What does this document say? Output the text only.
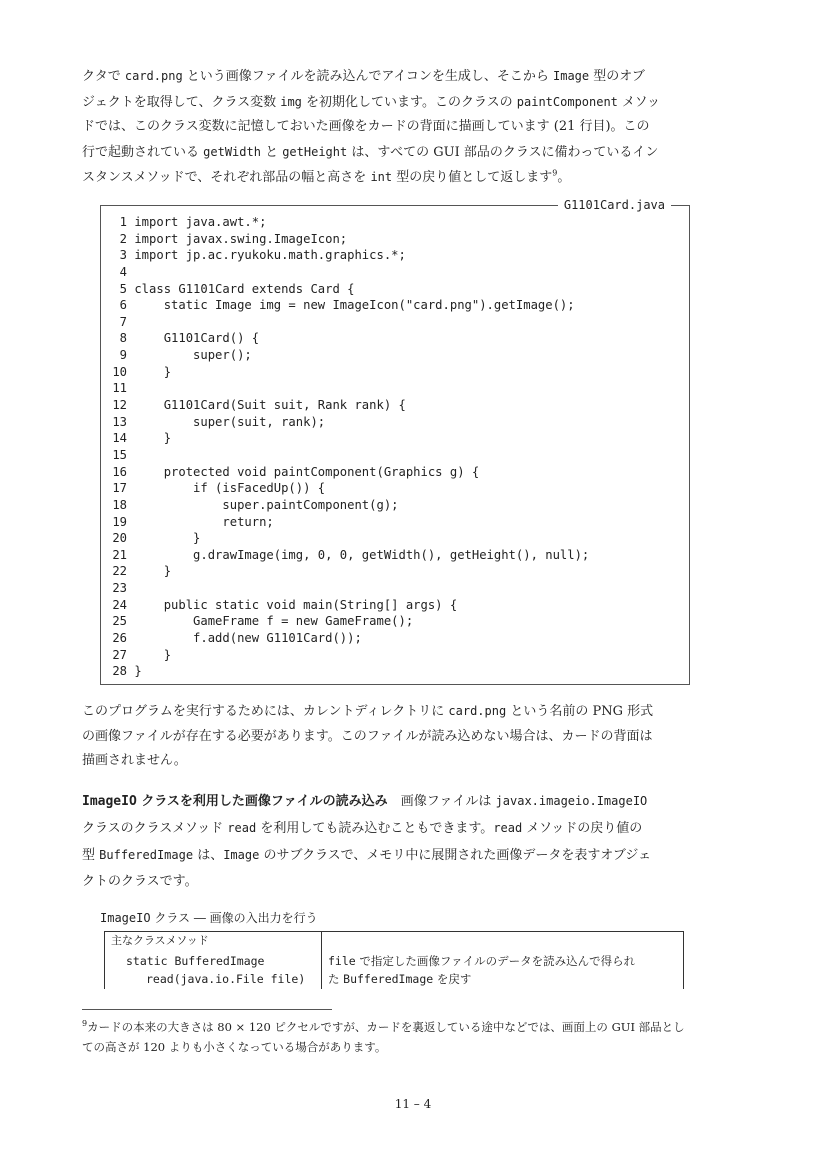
クタで card.png という画像ファイルを読み込んでアイコンを生成し、そこから Image 型のオブ

ジェクトを取得して、クラス変数 img を初期化しています。このクラスの paintComponent メソッ

ドでは、このクラス変数に記憶しておいた画像をカードの背面に描画しています (21 行目)。この

行で起動されている getWidth と getHeight は、すべての GUI 部品のクラスに備わっているイン

スタンスメソッドで、それぞれ部品の幅と高さを int 型の戻り値として返します$^9$。

G1101Card.java
1 import java.awt.*;
2 import javax.swing.ImageIcon;
3 import jp.ac.ryukoku.math.graphics.*;
4
5 class G1101Card extends Card {
6     static Image img = new ImageIcon("card.png").getImage();
7
8     G1101Card() {
9         super();
10     }
11
12     G1101Card(Suit suit, Rank rank) {
13         super(suit, rank);
14     }
15
16     protected void paintComponent(Graphics g) {
17         if (isFacedUp()) {
18             super.paintComponent(g);
19             return;
20         }
21         g.drawImage(img, 0, 0, getWidth(), getHeight(), null);
22     }
23
24     public static void main(String[] args) {
25         GameFrame f = new GameFrame();
26         f.add(new G1101Card());
27     }
28 }

このプログラムを実行するためには、カレントディレクトリに card.png という名前の PNG 形式

の画像ファイルが存在する必要があります。このファイルが読み込めない場合は、カードの背面は

描画されません。

ImageIO クラスを利用した画像ファイルの読み込み　画像ファイルは javax.imageio.ImageIO

クラスのクラスメソッド read を利用しても読み込むこともできます。read メソッドの戻り値の

型 BufferedImage は、Image のサブクラスで、メモリ中に展開された画像データを表すオブジェ

クトのクラスです。

ImageIO クラス ― 画像の入出力を行う
主なクラスメソッド
static BufferedImage
read(java.io.File file)
file で指定した画像ファイルのデータを読み込んで得られ
た BufferedImage を戻す

$^9$カードの本来の大きさは 80 × 120 ピクセルですが、カードを裏返している途中などでは、画面上の GUI 部品とし

ての高さが 120 よりも小さくなっている場合があります。

11 – 4
